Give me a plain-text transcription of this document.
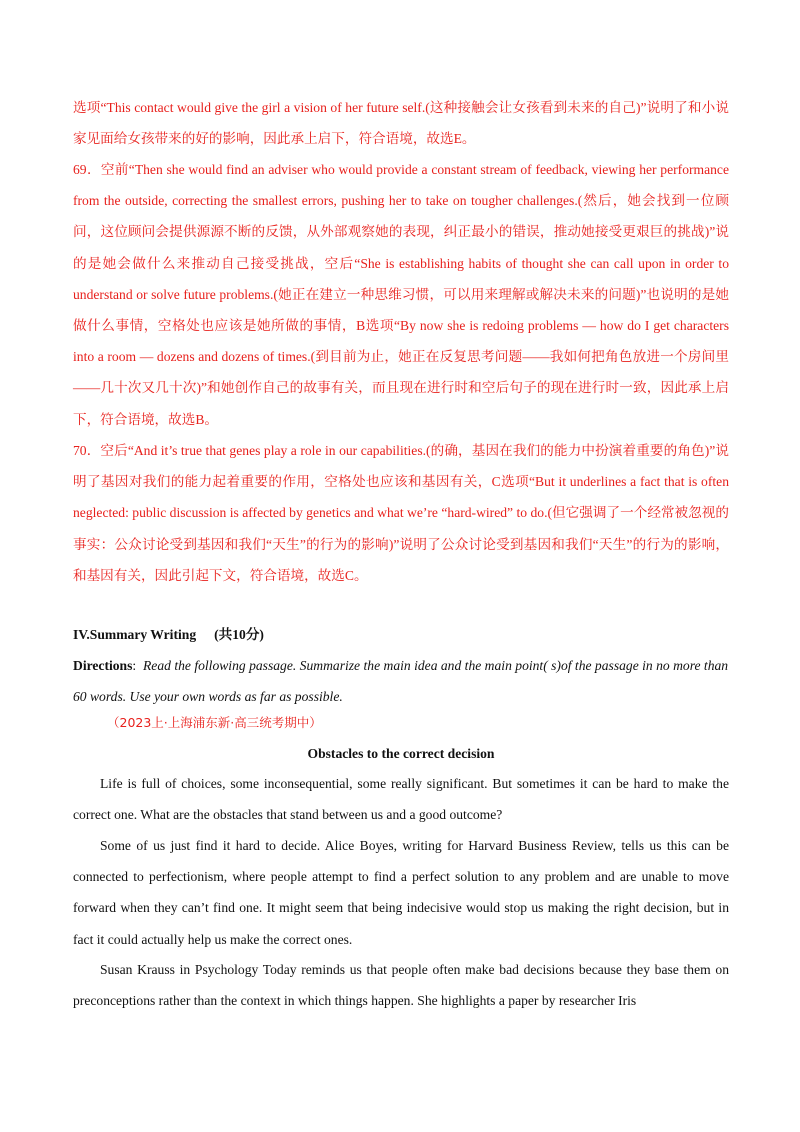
选项“This contact would give the girl a vision of her future self.(这种接触会让女孩看到未来的自己)”说明了和小说家见面给女孩带来的好的影响，因此承上启下，符合语境，故选E。
69．空前“Then she would find an adviser who would provide a constant stream of feedback, viewing her performance from the outside, correcting the smallest errors, pushing her to take on tougher challenges.(然后，她会找到一位顾问，这位顾问会提供源源不断的反馈，从外部观察她的表现，纠正最小的错误，推动她接受更艰巨的挑战)”说的是她会做什么来推动自己接受挑战，空后“She is establishing habits of thought she can call upon in order to understand or solve future problems.(她正在建立一种思维习惯，可以用来理解或解决未来的问题)”也说明的是她做什么事情，空格处也应该是她所做的事情，B选项“By now she is redoing problems — how do I get characters into a room — dozens and dozens of times.(到目前为止，她正在反复思考问题——我如何把角色放进一个房间里——几十次又几十次)”和她创作自己的故事有关，而且现在进行时和空后句子的现在进行时一致，因此承上启下，符合语境，故选B。
70．空后“And it’s true that genes play a role in our capabilities.(的确，基因在我们的能力中扮演着重要的角色)”说明了基因对我们的能力起着重要的作用，空格处也应该和基因有关，C选项“But it underlines a fact that is often neglected: public discussion is affected by genetics and what we’re “hard-wired” to do.(但它强调了一个经常被忽视的事实：公众讨论受到基因和我们“天生”的行为的影响)”说明了公众讨论受到基因和我们“天生”的行为的影响，和基因有关，因此引起下文，符合语境，故选C。
IV.Summary Writing (共10分)
Directions:  Read the following passage. Summarize the main idea and the main point( s)of the passage in no more than 60 words. Use your own words as far as possible.
（2023上·上海浦东新·高三统考期中）
Obstacles to the correct decision
Life is full of choices, some inconsequential, some really significant. But sometimes it can be hard to make the correct one. What are the obstacles that stand between us and a good outcome?
Some of us just find it hard to decide. Alice Boyes, writing for Harvard Business Review, tells us this can be connected to perfectionism, where people attempt to find a perfect solution to any problem and are unable to move forward when they can’t find one. It might seem that being indecisive would stop us making the right decision, but in fact it could actually help us make the correct ones.
Susan Krauss in Psychology Today reminds us that people often make bad decisions because they base them on preconceptions rather than the context in which things happen. She highlights a paper by researcher Iris
